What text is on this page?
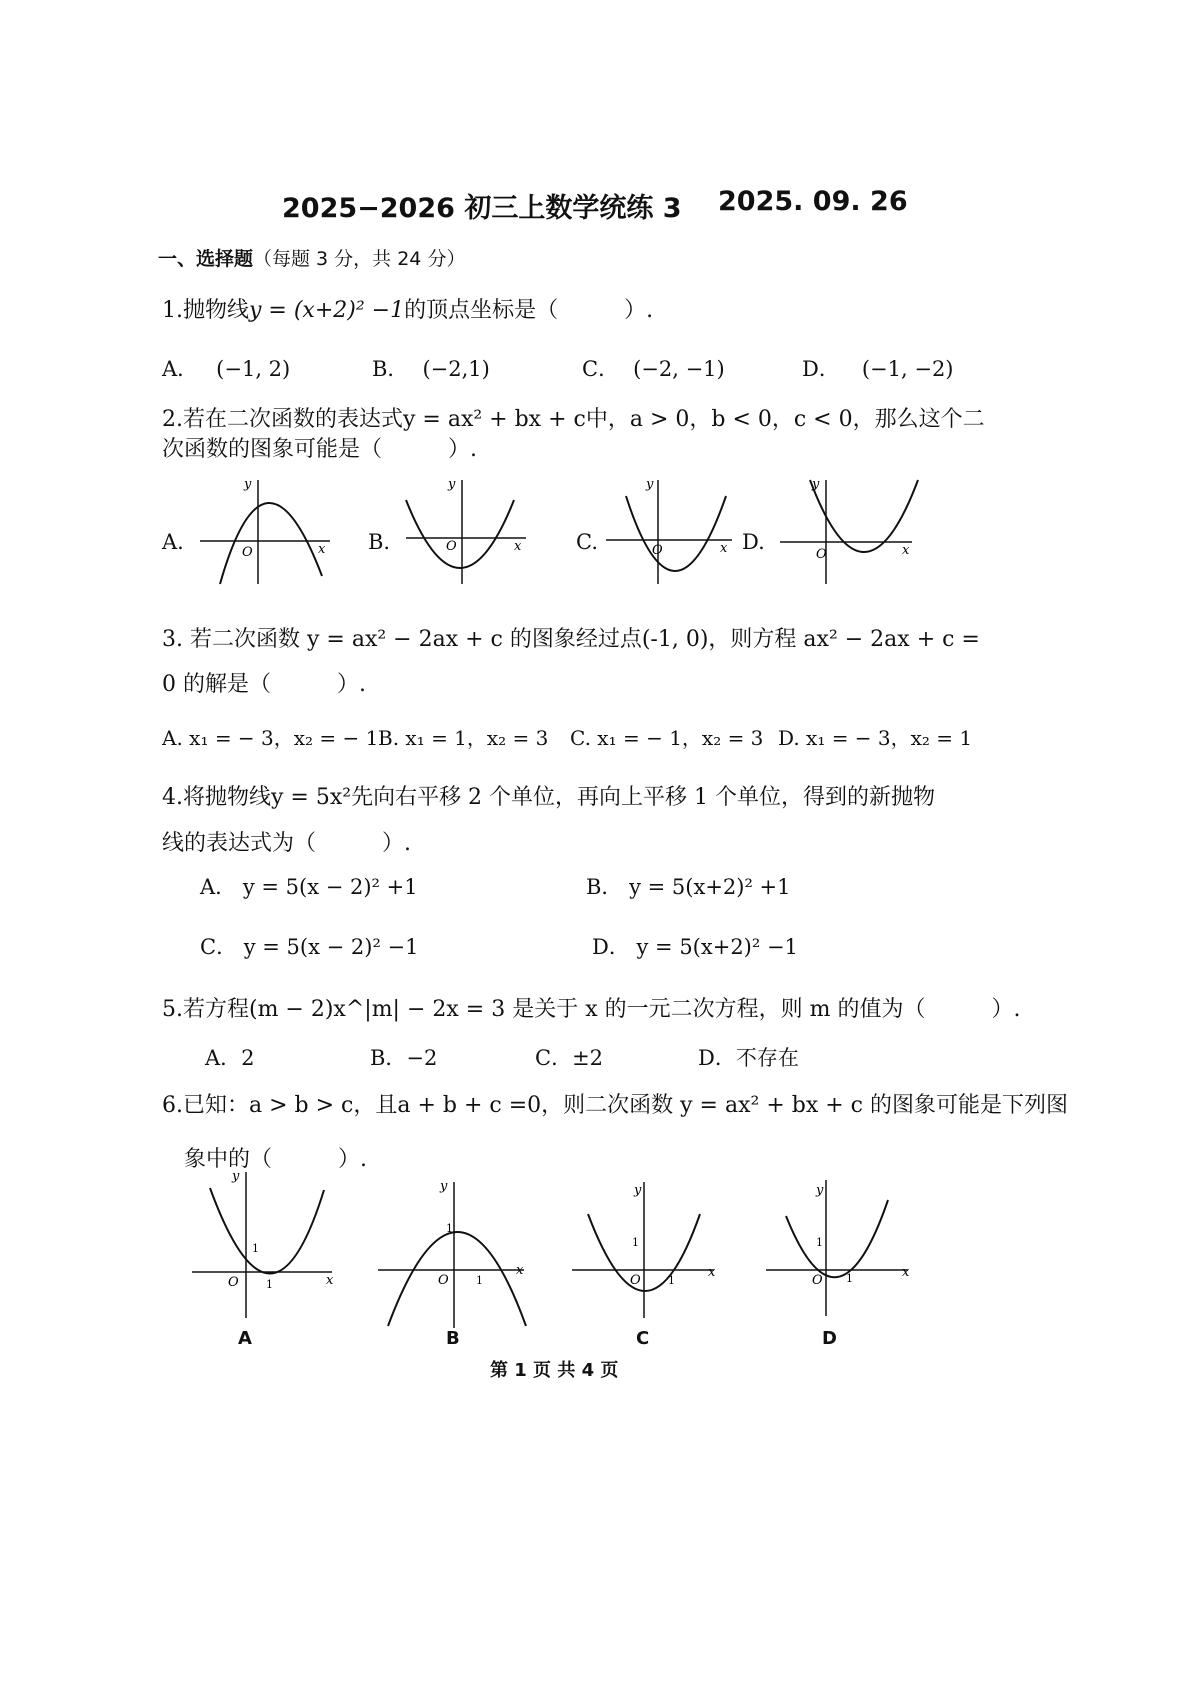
2025−2026 初三上数学统练 3 2025. 09. 26
一、选择题（每题 3 分，共 24 分）
1.抛物线y = (x+2)² −1的顶点坐标是（　　　）.
A． (−1, 2)	B． (−2,1)	C． (−2, −1)	D． (−1, −2)
2.若在二次函数的表达式y = ax² + bx + c中，a > 0，b < 0，c < 0，那么这个二
次函数的图象可能是（　　　）.
A.	O	x
y
B.	O	x
y
C.	O	x
y
D.
O	x
y
3. 若二次函数 y = ax² − 2ax + c 的图象经过点(-1, 0)，则方程 ax² − 2ax + c =
0 的解是（　　　）.
A. x₁ = − 3，x₂ = − 1 B. x₁ = 1，x₂ = 3 C. x₁ = − 1，x₂ = 3 D. x₁ = − 3，x₂ = 1
4.将抛物线y = 5x²先向右平移 2 个单位，再向上平移 1 个单位，得到的新抛物
线的表达式为（　　　）.
A． y = 5(x − 2)² +1	B． y = 5(x+2)² +1
C． y = 5(x − 2)² −1	D． y = 5(x+2)² −1
5.若方程(m − 2)x^|m| − 2x = 3 是关于 x 的一元二次方程，则 m 的值为（　　　）.
A．2	B．−2	C．±2	D．不存在
6.已知：a > b > c，且a + b + c =0，则二次函数 y = ax² + bx + c 的图象可能是下列图
象中的（　　　）.
O
1
1	x
y
A
O
1
1
x
y
B
O
1
1
x
y
C
O
1
1	x
y
D
第 1 页 共 4 页
